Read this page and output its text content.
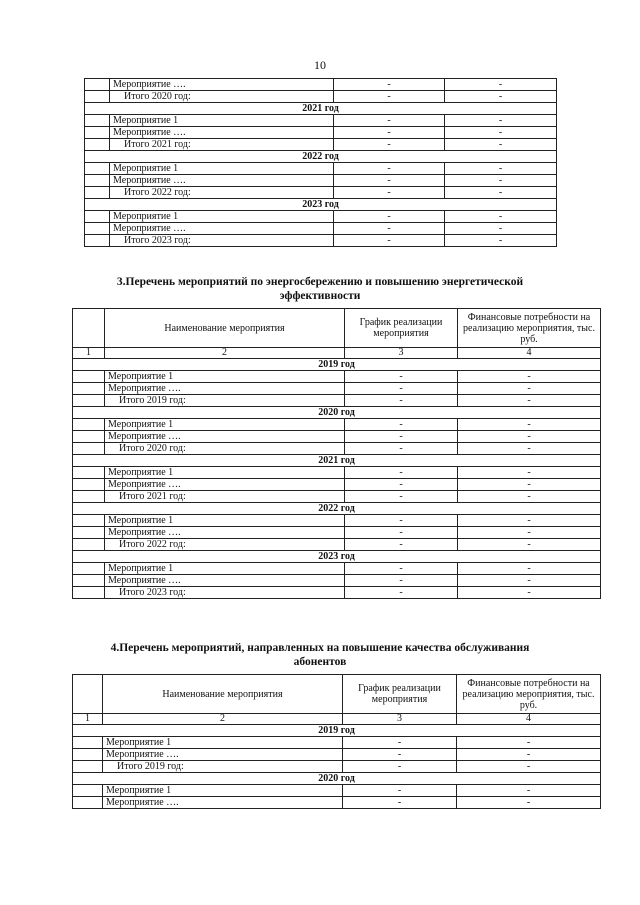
10
	Мероприятие ….	-	-
	Итого 2020 год:	-	-
2021 год			
	Мероприятие 1	-	-
	Мероприятие ….	-	-
	Итого 2021 год:	-	-
2022 год			
	Мероприятие 1	-	-
	Мероприятие ….	-	-
	Итого 2022 год:	-	-
2023 год			
	Мероприятие 1	-	-
	Мероприятие ….	-	-
	Итого 2023 год:	-	-
3.Перечень мероприятий по энергосбережению и повышению энергетической
эффективности
	Наименование мероприятия	График реализации мероприятия	Финансовые потребности на реализацию мероприятия, тыс. руб.
1	2	3	4
2019 год			
	Мероприятие 1	-	-
	Мероприятие ….	-	-
	Итого 2019 год:	-	-
2020 год			
	Мероприятие 1	-	-
	Мероприятие ….	-	-
	Итого 2020 год:	-	-
2021 год			
	Мероприятие 1	-	-
	Мероприятие ….	-	-
	Итого 2021 год:	-	-
2022 год			
	Мероприятие 1	-	-
	Мероприятие ….	-	-
	Итого 2022 год:	-	-
2023 год			
	Мероприятие 1	-	-
	Мероприятие ….	-	-
	Итого 2023 год:	-	-
4.Перечень мероприятий, направленных на повышение качества обслуживания
абонентов
	Наименование мероприятия	График реализации мероприятия	Финансовые потребности на реализацию мероприятия, тыс. руб.
1	2	3	4
2019 год			
	Мероприятие 1	-	-
	Мероприятие ….	-	-
	Итого 2019 год:	-	-
2020 год			
	Мероприятие 1	-	-
	Мероприятие ….	-	-
